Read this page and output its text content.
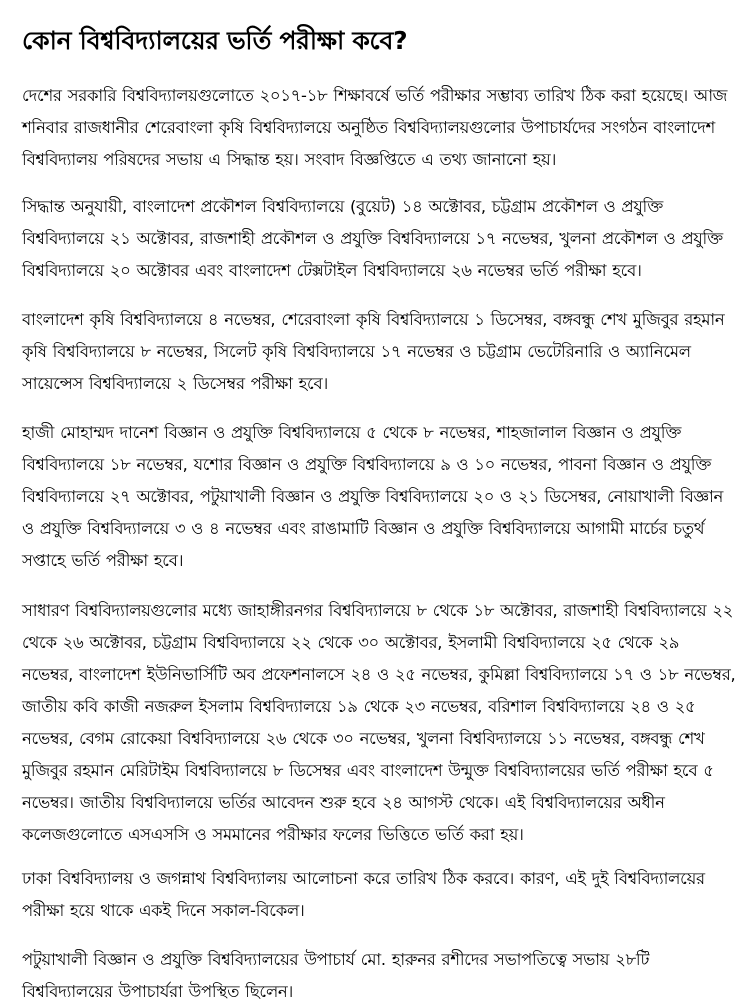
কোন বিশ্ববিদ্যালয়ের ভর্তি পরীক্ষা কবে?

দেশের সরকারি বিশ্ববিদ্যালয়গুলোতে ২০১৭-১৮ শিক্ষাবর্ষে ভর্তি পরীক্ষার সম্ভাব্য তারিখ ঠিক করা হয়েছে। আজ শনিবার রাজধানীর শেরেবাংলা কৃষি বিশ্ববিদ্যালয়ে অনুষ্ঠিত বিশ্ববিদ্যালয়গুলোর উপাচার্যদের সংগঠন বাংলাদেশ বিশ্ববিদ্যালয় পরিষদের সভায় এ সিদ্ধান্ত হয়। সংবাদ বিজ্ঞপ্তিতে এ তথ্য জানানো হয়।

সিদ্ধান্ত অনুযায়ী, বাংলাদেশ প্রকৌশল বিশ্ববিদ্যালয়ে (বুয়েট) ১৪ অক্টোবর, চট্টগ্রাম প্রকৌশল ও প্রযুক্তি বিশ্ববিদ্যালয়ে ২১ অক্টোবর, রাজশাহী প্রকৌশল ও প্রযুক্তি বিশ্ববিদ্যালয়ে ১৭ নভেম্বর, খুলনা প্রকৌশল ও প্রযুক্তি বিশ্ববিদ্যালয়ে ২০ অক্টোবর এবং বাংলাদেশ টেক্সটাইল বিশ্ববিদ্যালয়ে ২৬ নভেম্বর ভর্তি পরীক্ষা হবে।

বাংলাদেশ কৃষি বিশ্ববিদ্যালয়ে ৪ নভেম্বর, শেরেবাংলা কৃষি বিশ্ববিদ্যালয়ে ১ ডিসেম্বর, বঙ্গবন্ধু শেখ মুজিবুর রহমান কৃষি বিশ্ববিদ্যালয়ে ৮ নভেম্বর, সিলেট কৃষি বিশ্ববিদ্যালয়ে ১৭ নভেম্বর ও চট্টগ্রাম ভেটেরিনারি ও অ্যানিমেল সায়েন্সেস বিশ্ববিদ্যালয়ে ২ ডিসেম্বর পরীক্ষা হবে।

হাজী মোহাম্মদ দানেশ বিজ্ঞান ও প্রযুক্তি বিশ্ববিদ্যালয়ে ৫ থেকে ৮ নভেম্বর, শাহজালাল বিজ্ঞান ও প্রযুক্তি বিশ্ববিদ্যালয়ে ১৮ নভেম্বর, যশোর বিজ্ঞান ও প্রযুক্তি বিশ্ববিদ্যালয়ে ৯ ও ১০ নভেম্বর, পাবনা বিজ্ঞান ও প্রযুক্তি বিশ্ববিদ্যালয়ে ২৭ অক্টোবর, পটুয়াখালী বিজ্ঞান ও প্রযুক্তি বিশ্ববিদ্যালয়ে ২০ ও ২১ ডিসেম্বর, নোয়াখালী বিজ্ঞান ও প্রযুক্তি বিশ্ববিদ্যালয়ে ৩ ও ৪ নভেম্বর এবং রাঙামাটি বিজ্ঞান ও প্রযুক্তি বিশ্ববিদ্যালয়ে আগামী মার্চের চতুর্থ সপ্তাহে ভর্তি পরীক্ষা হবে।

সাধারণ বিশ্ববিদ্যালয়গুলোর মধ্যে জাহাঙ্গীরনগর বিশ্ববিদ্যালয়ে ৮ থেকে ১৮ অক্টোবর, রাজশাহী বিশ্ববিদ্যালয়ে ২২ থেকে ২৬ অক্টোবর, চট্টগ্রাম বিশ্ববিদ্যালয়ে ২২ থেকে ৩০ অক্টোবর, ইসলামী বিশ্ববিদ্যালয়ে ২৫ থেকে ২৯ নভেম্বর, বাংলাদেশ ইউনিভার্সিটি অব প্রফেশনালসে ২৪ ও ২৫ নভেম্বর, কুমিল্লা বিশ্ববিদ্যালয়ে ১৭ ও ১৮ নভেম্বর, জাতীয় কবি কাজী নজরুল ইসলাম বিশ্ববিদ্যালয়ে ১৯ থেকে ২৩ নভেম্বর, বরিশাল বিশ্ববিদ্যালয়ে ২৪ ও ২৫ নভেম্বর, বেগম রোকেয়া বিশ্ববিদ্যালয়ে ২৬ থেকে ৩০ নভেম্বর, খুলনা বিশ্ববিদ্যালয়ে ১১ নভেম্বর, বঙ্গবন্ধু শেখ মুজিবুর রহমান মেরিটাইম বিশ্ববিদ্যালয়ে ৮ ডিসেম্বর এবং বাংলাদেশ উন্মুক্ত বিশ্ববিদ্যালয়ের ভর্তি পরীক্ষা হবে ৫ নভেম্বর। জাতীয় বিশ্ববিদ্যালয়ে ভর্তির আবেদন শুরু হবে ২৪ আগস্ট থেকে। এই বিশ্ববিদ্যালয়ের অধীন কলেজগুলোতে এসএসসি ও সমমানের পরীক্ষার ফলের ভিত্তিতে ভর্তি করা হয়।

ঢাকা বিশ্ববিদ্যালয় ও জগন্নাথ বিশ্ববিদ্যালয় আলোচনা করে তারিখ ঠিক করবে। কারণ, এই দুই বিশ্ববিদ্যালয়ের পরীক্ষা হয়ে থাকে একই দিনে সকাল-বিকেল।

পটুয়াখালী বিজ্ঞান ও প্রযুক্তি বিশ্ববিদ্যালয়ের উপাচার্য মো. হারুনর রশীদের সভাপতিত্বে সভায় ২৮টি বিশ্ববিদ্যালয়ের উপাচার্যরা উপস্থিত ছিলেন।
